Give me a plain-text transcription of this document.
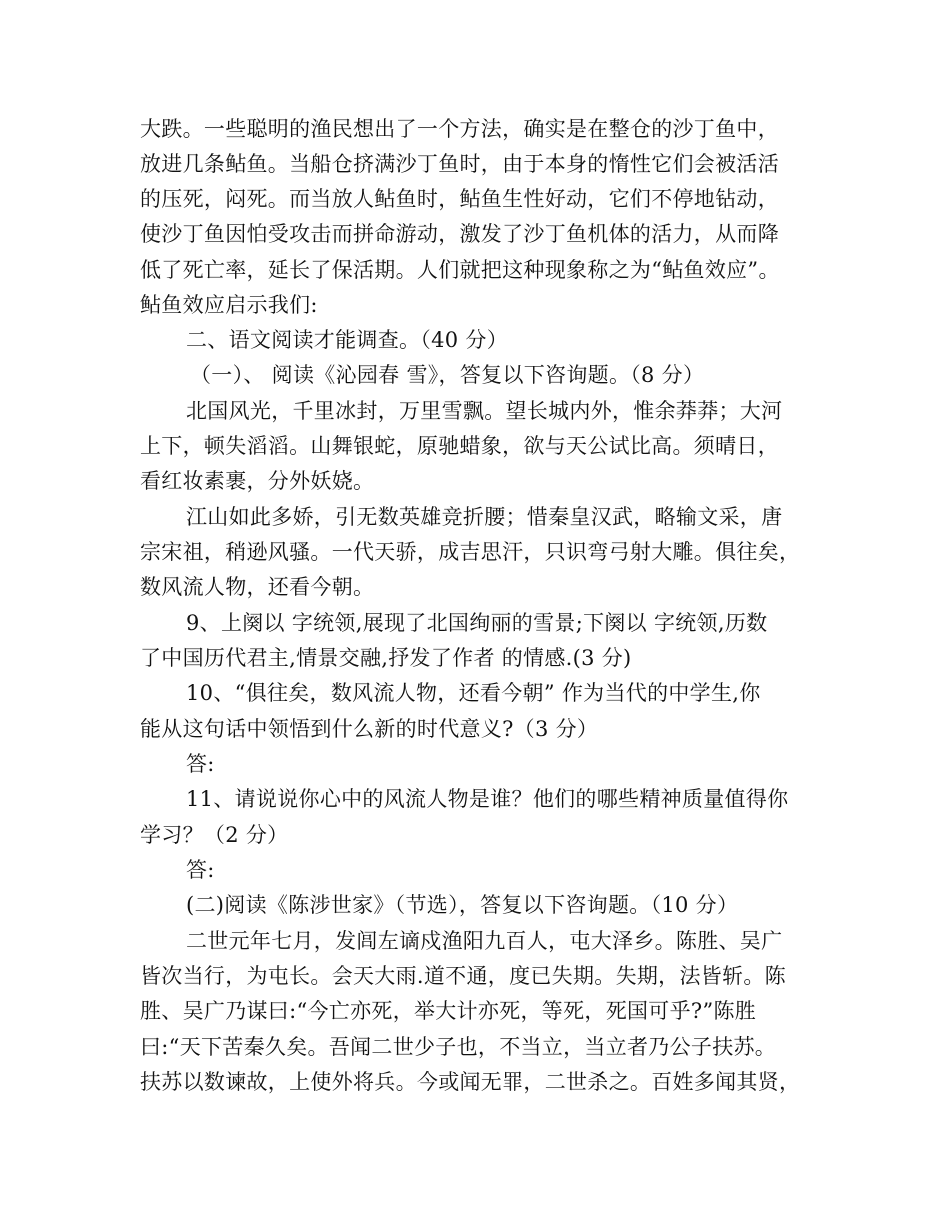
大跌。一些聪明的渔民想出了一个方法，确实是在整仓的沙丁鱼中，
放进几条鲇鱼。当船仓挤满沙丁鱼时，由于本身的惰性它们会被活活
的压死，闷死。而当放人鲇鱼时，鲇鱼生性好动，它们不停地钻动，
使沙丁鱼因怕受攻击而拼命游动，激发了沙丁鱼机体的活力，从而降
低了死亡率，延长了保活期。人们就把这种现象称之为“鲇鱼效应”。
鲇鱼效应启示我们:
二、语文阅读才能调查。（40 分）
（一）、 阅读《沁园春 雪》，答复以下咨询题。（8 分）
北国风光，千里冰封，万里雪飘。望长城内外，惟余莽莽；大河
上下，顿失滔滔。山舞银蛇，原驰蜡象，欲与天公试比高。须晴日，
看红妆素裹，分外妖娆。
江山如此多娇，引无数英雄竞折腰；惜秦皇汉武，略输文采，唐
宗宋祖，稍逊风骚。一代天骄，成吉思汗，只识弯弓射大雕。俱往矣，
数风流人物，还看今朝。
9、上阕以 字统领,展现了北国绚丽的雪景;下阕以 字统领,历数
了中国历代君主,情景交融,抒发了作者 的情感.(3 分)
10、“俱往矣，数风流人物，还看今朝” 作为当代的中学生,你
能从这句话中领悟到什么新的时代意义?（3 分）
答:
11、请说说你心中的风流人物是谁？他们的哪些精神质量值得你
学习？（2 分）
答:
(二)阅读《陈涉世家》（节选），答复以下咨询题。（10 分）
二世元年七月，发闾左谪戍渔阳九百人，屯大泽乡。陈胜、吴广
皆次当行，为屯长。会天大雨.道不通，度已失期。失期，法皆斩。陈
胜、吴广乃谋曰:“今亡亦死，举大计亦死，等死，死国可乎?”陈胜
曰:“天下苦秦久矣。吾闻二世少子也，不当立，当立者乃公子扶苏。
扶苏以数谏故，上使外将兵。今或闻无罪，二世杀之。百姓多闻其贤，
